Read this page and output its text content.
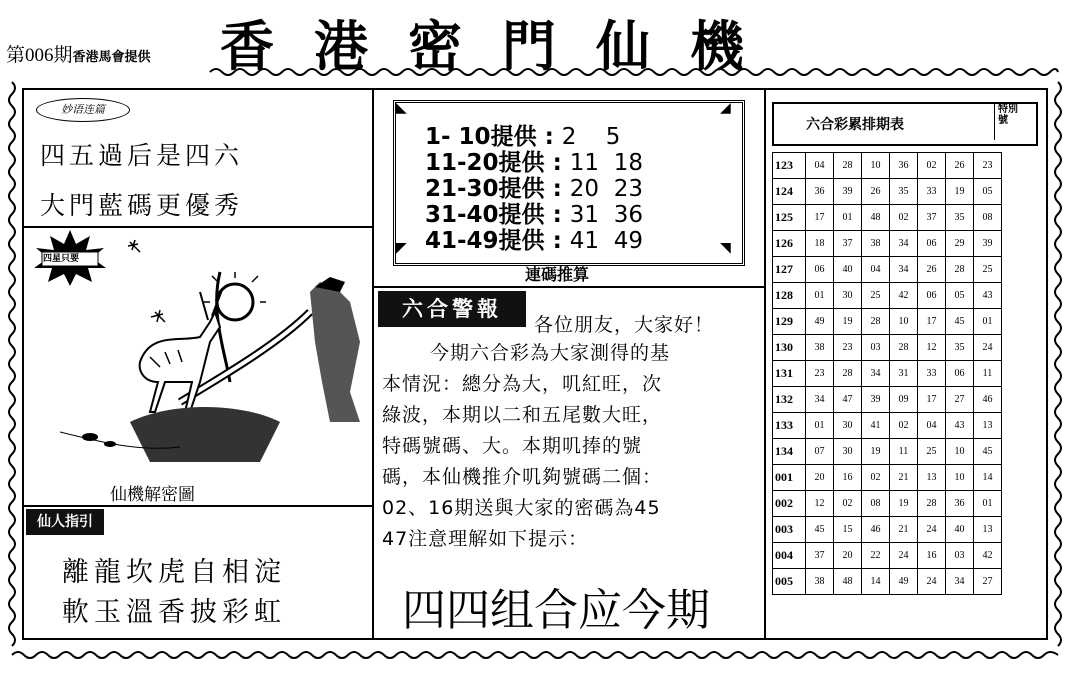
第006期香港馬會提供 香港密門仙機
妙语连篇
四五過后是四六
大門藍碼更優秀
四星只要
仙機解密圖
仙人指引
離龍坎虎自相淀
軟玉溫香披彩虹
◣	◢
◤	◥
1- 10提供 : 2 5
11-20提供 : 11 18
21-30提供 : 20 23
31-40提供 : 31 36
41-49提供 : 41 49
連碼推算
六合警報
各位朋友，大家好！
今期六合彩為大家測得的基
本情況：總分為大，叽紅旺，次
綠波，本期以二和五尾數大旺，
特碼號碼、大。本期叽捧的號
碼，本仙機推介叽夠號碼二個：
02、16期送與大家的密碼為45
47注意理解如下提示：
四四组合应今期
六合彩累排期表
特別號
123	04	28	10	36	02	26	23
124	36	39	26	35	33	19	05
125	17	01	48	02	37	35	08
126	18	37	38	34	06	29	39
127	06	40	04	34	26	28	25
128	01	30	25	42	06	05	43
129	49	19	28	10	17	45	01
130	38	23	03	28	12	35	24
131	23	28	34	31	33	06	11
132	34	47	39	09	17	27	46
133	01	30	41	02	04	43	13
134	07	30	19	11	25	10	45
001	20	16	02	21	13	10	14
002	12	02	08	19	28	36	01
003	45	15	46	21	24	40	13
004	37	20	22	24	16	03	42
005	38	48	14	49	24	34	27
